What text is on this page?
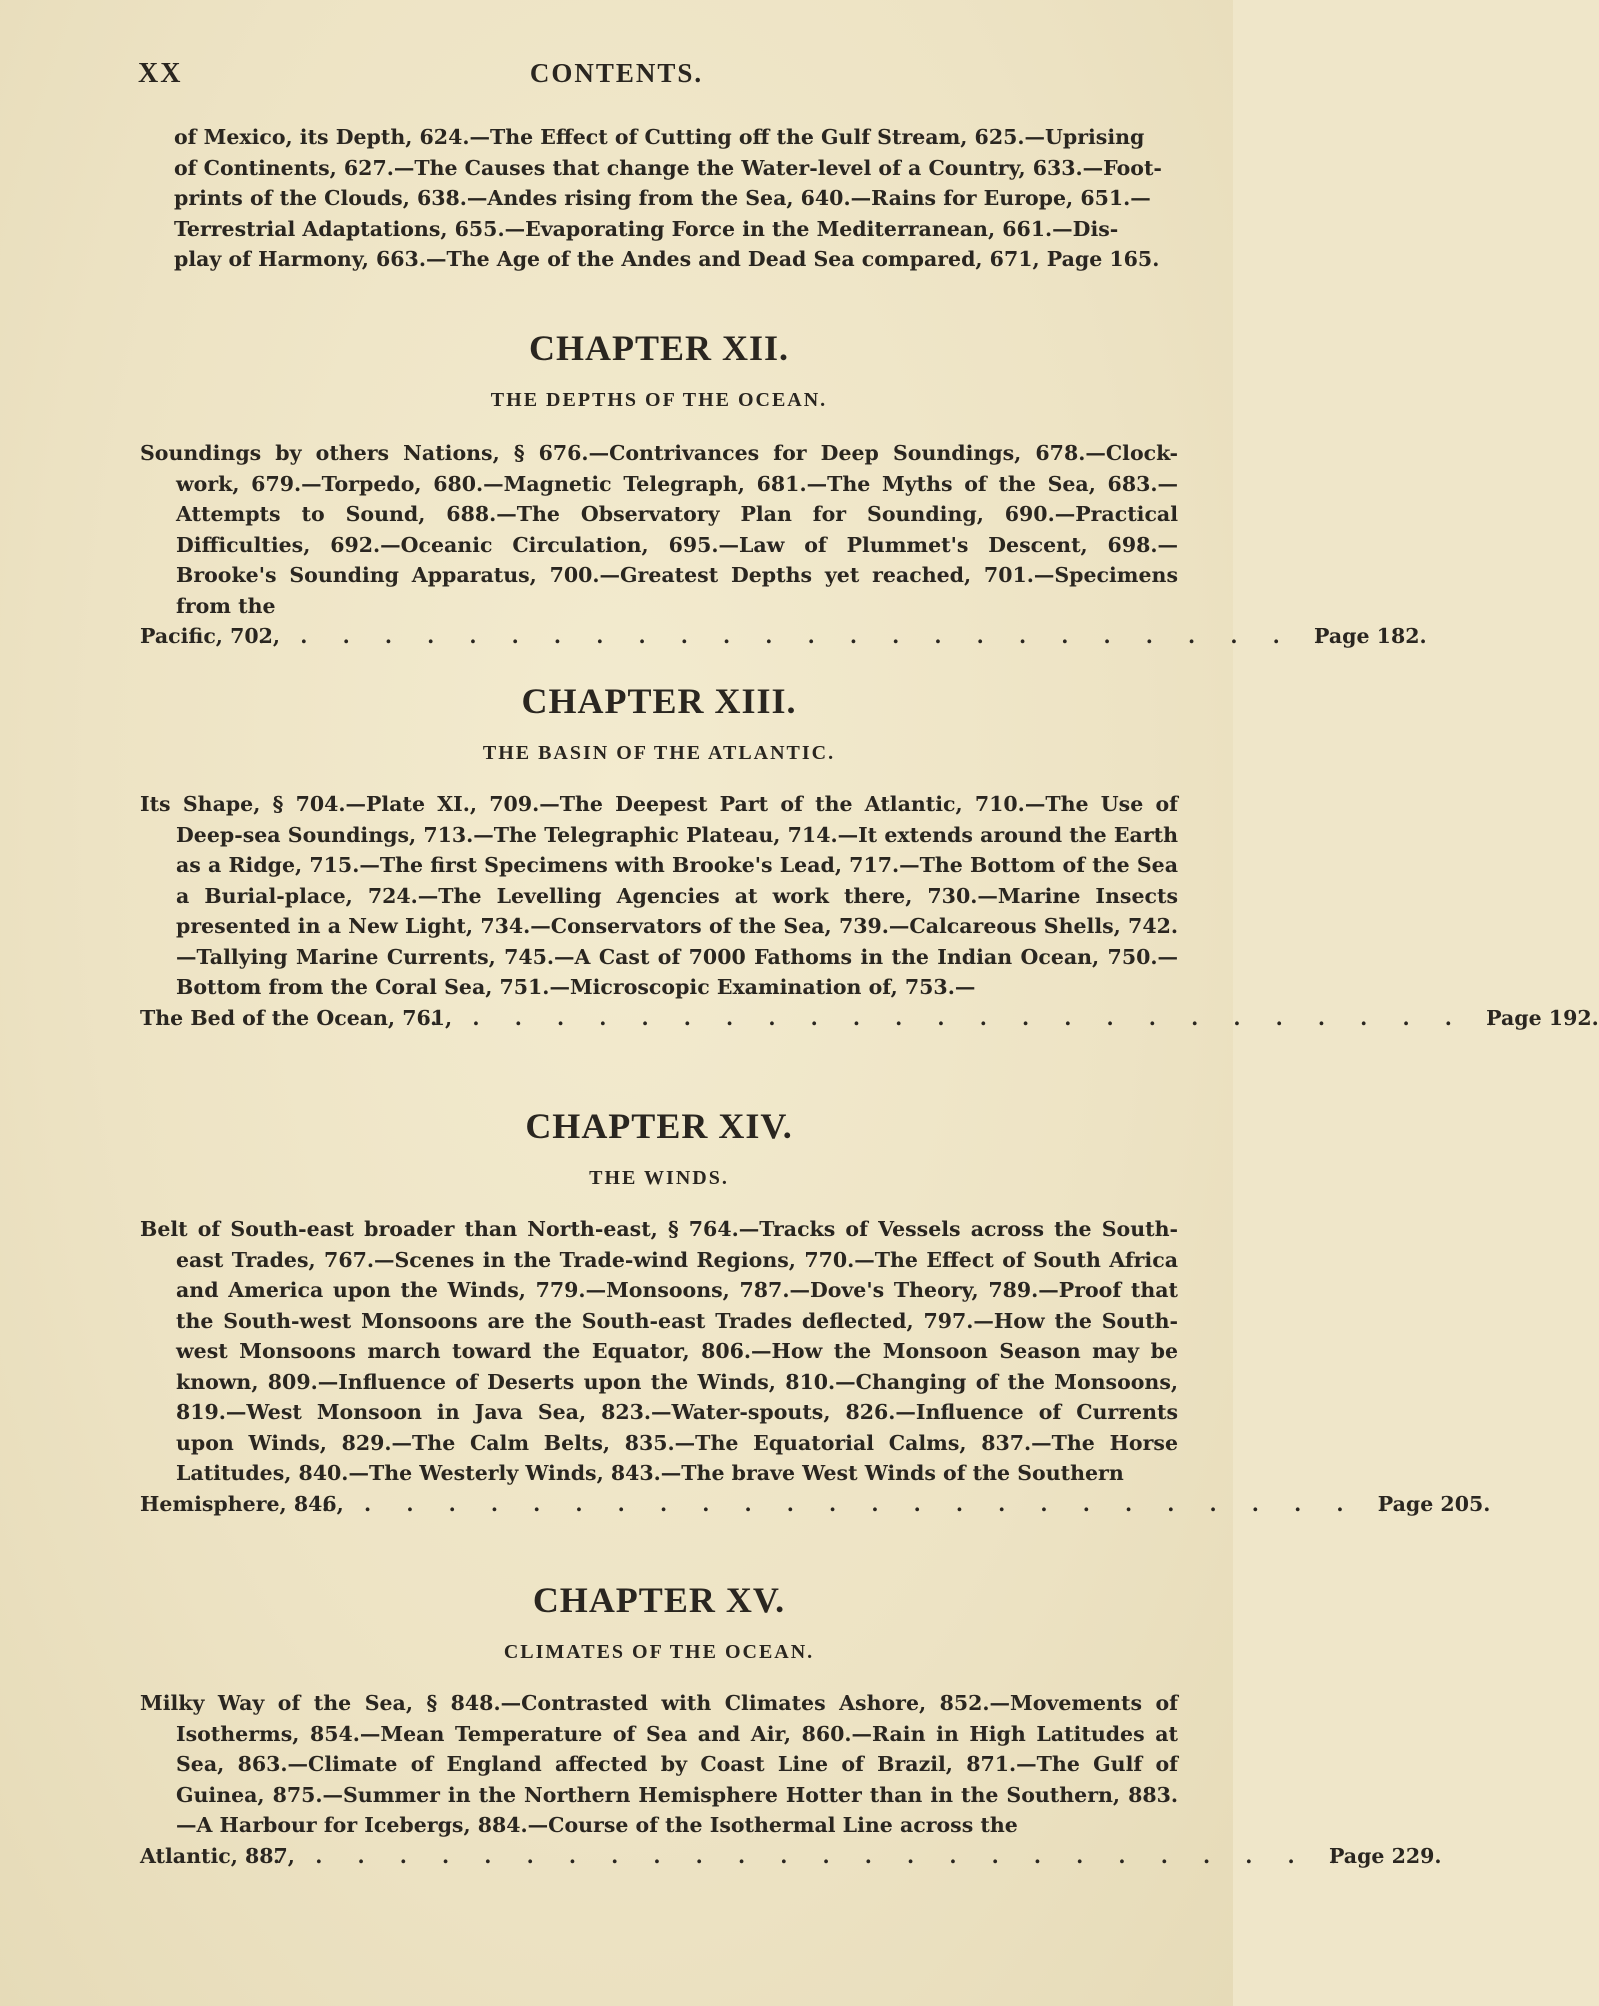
XX	CONTENTS.
of Mexico, its Depth, 624.—The Effect of Cutting off the Gulf Stream, 625.—Uprising
of Continents, 627.—The Causes that change the Water-level of a Country, 633.—Foot-
prints of the Clouds, 638.—Andes rising from the Sea, 640.—Rains for Europe, 651.—
Terrestrial Adaptations, 655.—Evaporating Force in the Mediterranean, 661.—Dis-
play of Harmony, 663.—The Age of the Andes and Dead Sea compared, 671, Page 165.
CHAPTER XII.
THE DEPTHS OF THE OCEAN.
Soundings by others Nations, § 676.—Contrivances for Deep Soundings, 678.—Clock-work, 679.—Torpedo, 680.—Magnetic Telegraph, 681.—The Myths of the Sea, 683.—Attempts to Sound, 688.—The Observatory Plan for Sounding, 690.—Practical Difficulties, 692.—Oceanic Circulation, 695.—Law of Plummet's Descent, 698.—Brooke's Sounding Apparatus, 700.—Greatest Depths yet reached, 701.—Specimens from the
Pacific, 702,
. . . . . . . . . . . . . . . . . . . . . . . . . .
Page 182.
CHAPTER XIII.
THE BASIN OF THE ATLANTIC.
Its Shape, § 704.—Plate XI., 709.—The Deepest Part of the Atlantic, 710.—The Use of Deep-sea Soundings, 713.—The Telegraphic Plateau, 714.—It extends around the Earth as a Ridge, 715.—The first Specimens with Brooke's Lead, 717.—The Bottom of the Sea a Burial-place, 724.—The Levelling Agencies at work there, 730.—Marine Insects presented in a New Light, 734.—Conservators of the Sea, 739.—Calcareous Shells, 742.—Tallying Marine Currents, 745.—A Cast of 7000 Fathoms in the Indian Ocean, 750.—Bottom from the Coral Sea, 751.—Microscopic Examination of, 753.—
The Bed of the Ocean, 761,
. . . . . . . . . . . . . . . . . . . . . . . . . .
Page 192.
CHAPTER XIV.
THE WINDS.
Belt of South-east broader than North-east, § 764.—Tracks of Vessels across the South-east Trades, 767.—Scenes in the Trade-wind Regions, 770.—The Effect of South Africa and America upon the Winds, 779.—Monsoons, 787.—Dove's Theory, 789.—Proof that the South-west Monsoons are the South-east Trades deflected, 797.—How the South-west Monsoons march toward the Equator, 806.—How the Monsoon Season may be known, 809.—Influence of Deserts upon the Winds, 810.—Changing of the Monsoons, 819.—West Monsoon in Java Sea, 823.—Water-spouts, 826.—Influence of Currents upon Winds, 829.—The Calm Belts, 835.—The Equatorial Calms, 837.—The Horse Latitudes, 840.—The Westerly Winds, 843.—The brave West Winds of the Southern
Hemisphere, 846,
. . . . . . . . . . . . . . . . . . . . . . . . . .
Page 205.
CHAPTER XV.
CLIMATES OF THE OCEAN.
Milky Way of the Sea, § 848.—Contrasted with Climates Ashore, 852.—Movements of Isotherms, 854.—Mean Temperature of Sea and Air, 860.—Rain in High Latitudes at Sea, 863.—Climate of England affected by Coast Line of Brazil, 871.—The Gulf of Guinea, 875.—Summer in the Northern Hemisphere Hotter than in the Southern, 883.—A Harbour for Icebergs, 884.—Course of the Isothermal Line across the
Atlantic, 887,
. . . . . . . . . . . . . . . . . . . . . . . . . .
Page 229.
